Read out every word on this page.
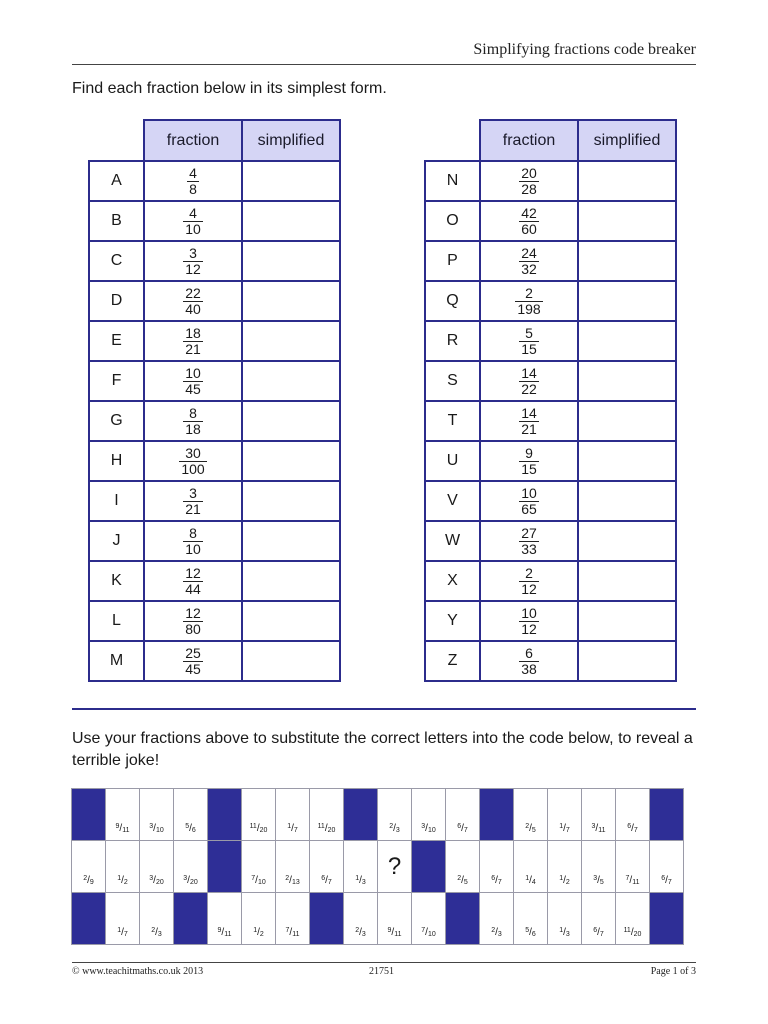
Simplifying fractions code breaker
Find each fraction below in its simplest form.
	fraction	simplified
A	$\frac{4}{8}$

B	$\frac{4}{10}$

C	$\frac{3}{12}$

D	$\frac{22}{40}$

E	$\frac{18}{21}$

F	$\frac{10}{45}$

G	$\frac{8}{18}$

H	$\frac{30}{100}$

I	$\frac{3}{21}$

J	$\frac{8}{10}$

K	$\frac{12}{44}$

L	$\frac{12}{80}$

M	$\frac{25}{45}$

	fraction	simplified
N	$\frac{20}{28}$

O	$\frac{42}{60}$

P	$\frac{24}{32}$

Q	$\frac{2}{198}$

R	$\frac{5}{15}$

S	$\frac{14}{22}$

T	$\frac{14}{21}$

U	$\frac{9}{15}$

V	$\frac{10}{65}$

W	$\frac{27}{33}$

X	$\frac{2}{12}$

Y	$\frac{10}{12}$

Z	$\frac{6}{38}$

Use your fractions above to substitute the correct letters into the code below, to reveal a terrible joke!
	$^9/_{11}$	$^3/_{10}$	$^5/_6$		$^{11}/_{20}$	$^1/_7$	$^{11}/_{20}$		$^2/_3$	$^3/_{10}$	$^6/_7$		$^2/_5$	$^1/_7$	$^3/_{11}$	$^6/_7$	
$^2/_9$	$^1/_2$	$^3/_{20}$	$^3/_{20}$		$^7/_{10}$	$^2/_{13}$	$^6/_7$	$^1/_3$	?		$^2/_5$	$^6/_7$	$^1/_4$	$^1/_2$	$^3/_5$	$^7/_{11}$	$^6/_7$
	$^1/_7$	$^2/_3$		$^9/_{11}$	$^1/_2$	$^7/_{11}$		$^2/_3$	$^9/_{11}$	$^7/_{10}$		$^2/_3$	$^5/_6$	$^1/_3$	$^6/_7$	$^{11}/_{20}$	
© www.teachitmaths.co.uk 2013	21751	Page 1 of 3
